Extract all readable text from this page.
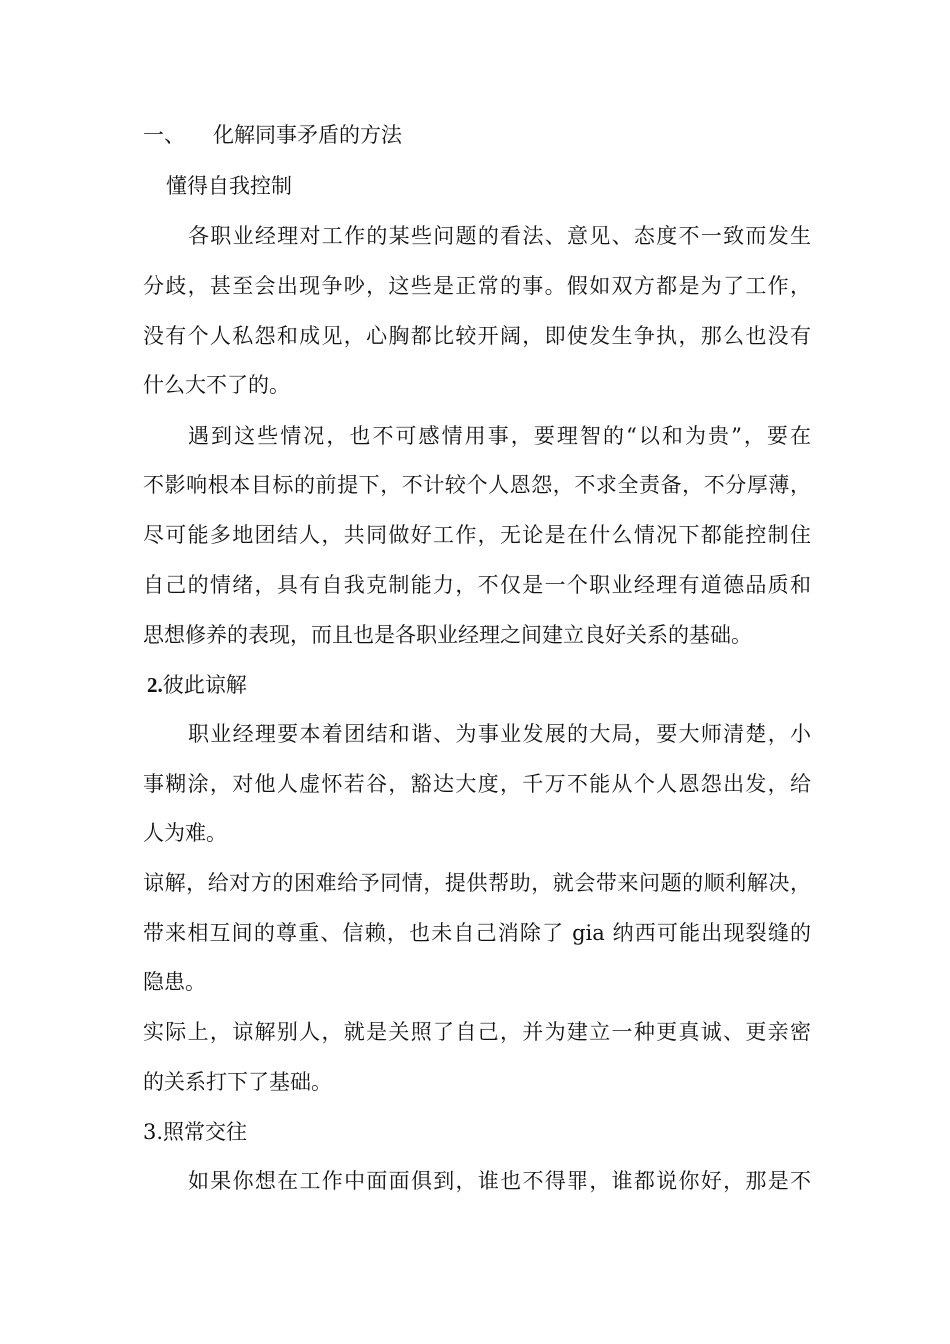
一、 化解同事矛盾的方法
懂得自我控制
各职业经理对工作的某些问题的看法、意见、态度不一致而发生
分歧，甚至会出现争吵，这些是正常的事。假如双方都是为了工作，
没有个人私怨和成见，心胸都比较开阔，即使发生争执，那么也没有
什么大不了的。
遇到这些情况，也不可感情用事，要理智的“以和为贵”，要在
不影响根本目标的前提下，不计较个人恩怨，不求全责备，不分厚薄，
尽可能多地团结人，共同做好工作，无论是在什么情况下都能控制住
自己的情绪，具有自我克制能力，不仅是一个职业经理有道德品质和
思想修养的表现，而且也是各职业经理之间建立良好关系的基础。
2.彼此谅解
职业经理要本着团结和谐、为事业发展的大局，要大师清楚，小
事糊涂，对他人虚怀若谷，豁达大度，千万不能从个人恩怨出发，给
人为难。
谅解，给对方的困难给予同情，提供帮助，就会带来问题的顺利解决，
带来相互间的尊重、信赖，也未自己消除了 gia 纳西可能出现裂缝的
隐患。
实际上，谅解别人，就是关照了自己，并为建立一种更真诚、更亲密
的关系打下了基础。
3.照常交往
如果你想在工作中面面俱到，谁也不得罪，谁都说你好，那是不
